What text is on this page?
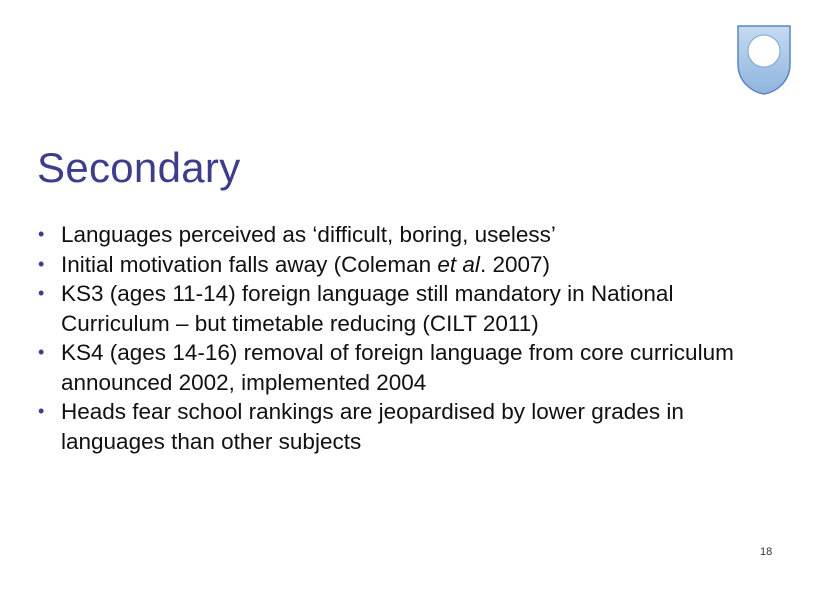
Secondary
• Languages perceived as ‘difficult, boring, useless’
• Initial motivation falls away (Coleman et al. 2007)
• KS3 (ages 11-14) foreign language still mandatory in National Curriculum – but timetable reducing (CILT 2011)
• KS4 (ages 14-16) removal of foreign language from core curriculum announced 2002, implemented 2004
• Heads fear school rankings are jeopardised by lower grades in languages than other subjects
18
